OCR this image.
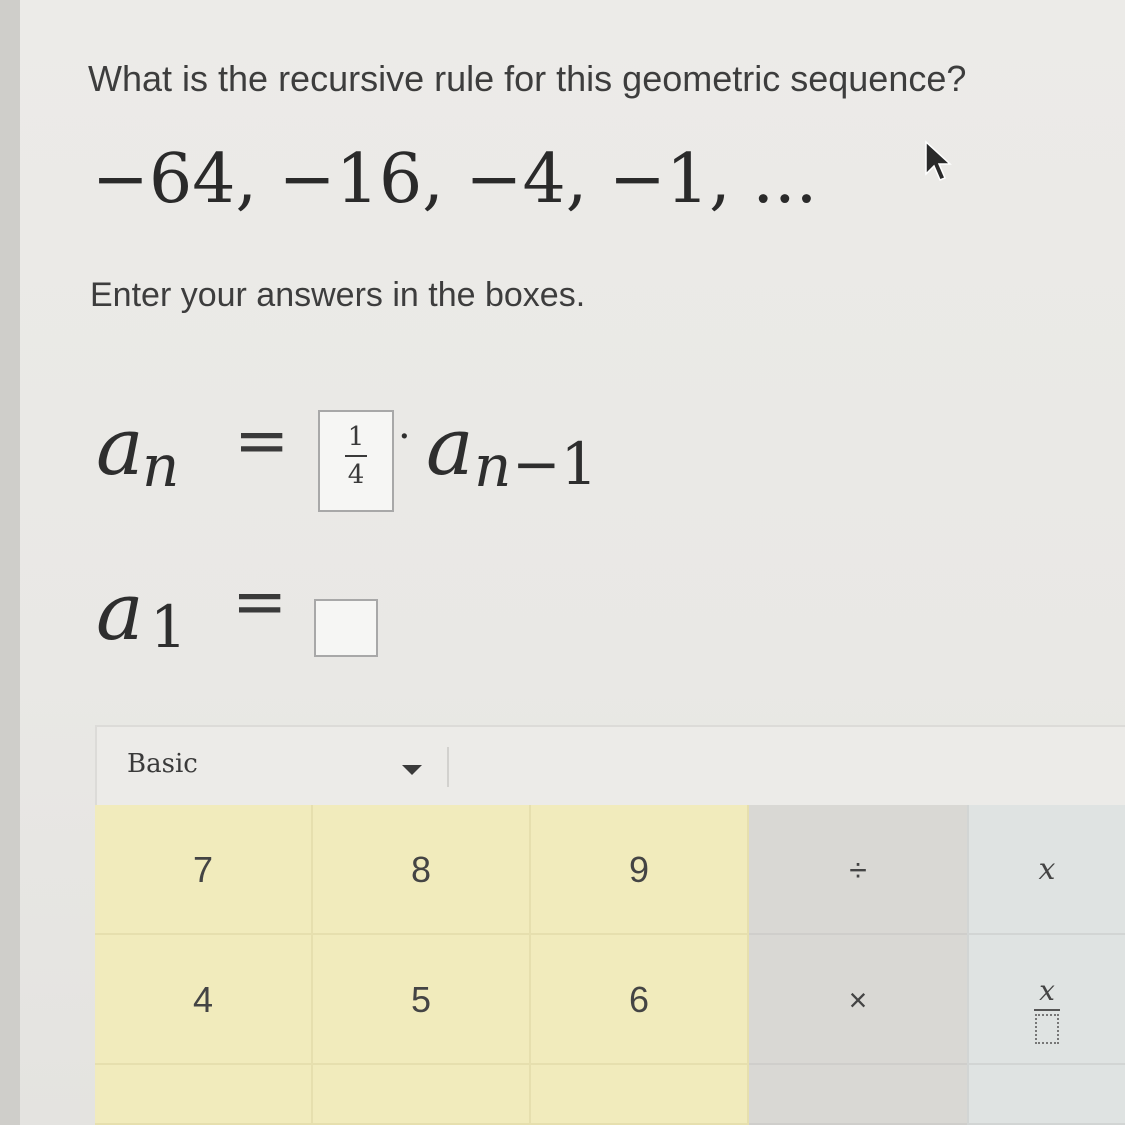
What is the recursive rule for this geometric sequence?
−64, −16, −4, −1, ...
Enter your answers in the boxes.
a
n =	1
4
· a n −1
a 1 =
Basic
7	8	9	÷	x
4	5	6	×	x
